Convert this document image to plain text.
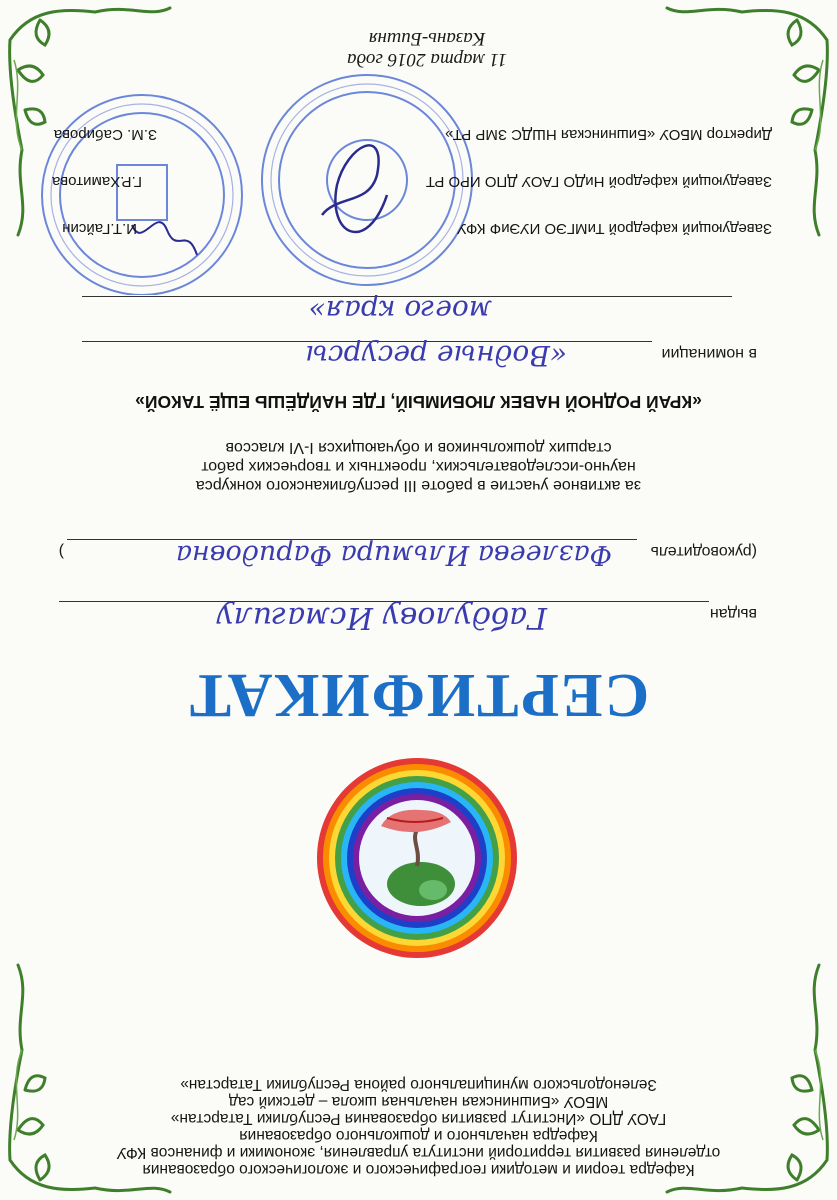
Кафедра теории и методики географического и экологического образования
отделения развития территорий института управления, экономики и финансов КФУ
Кафедра начального и дошкольного образования
ГАОУ ДПО «Институт развития образования Республики Татарстан»
МБОУ «Бишнинская начальная школа – детский сад
Зеленодольского муниципального района Республики Татарстан»
СЕРТИФИКАТ
выдан
Габдулову Исмагилу
(руководитель
Фазлеева Ильмира Фаридовна
)
за активное участие в работе III республиканского конкурса
научно-исследовательских, проектных и творческих работ
старших дошкольников и обучающихся I-VI классов
«КРАЙ РОДНОЙ НАВЕК ЛЮБИМЫЙ, ГДЕ НАЙДЁШЬ ЕЩЁ ТАКОЙ»
в номинации
«Водные ресурсы
моего края»
Заведующий кафедрой ТиМГЭО ИУЭиФ КФУ
И.Т.Гайсин
Заведующий кафедрой НиДО ГАОУ ДПО ИРО РТ
Г.Р.Хамитова
Директор МБОУ «Бишнинская НШДС ЗМР РТ»
З.М. Сабирова
11 марта 2016 года
Казань-Бишня
